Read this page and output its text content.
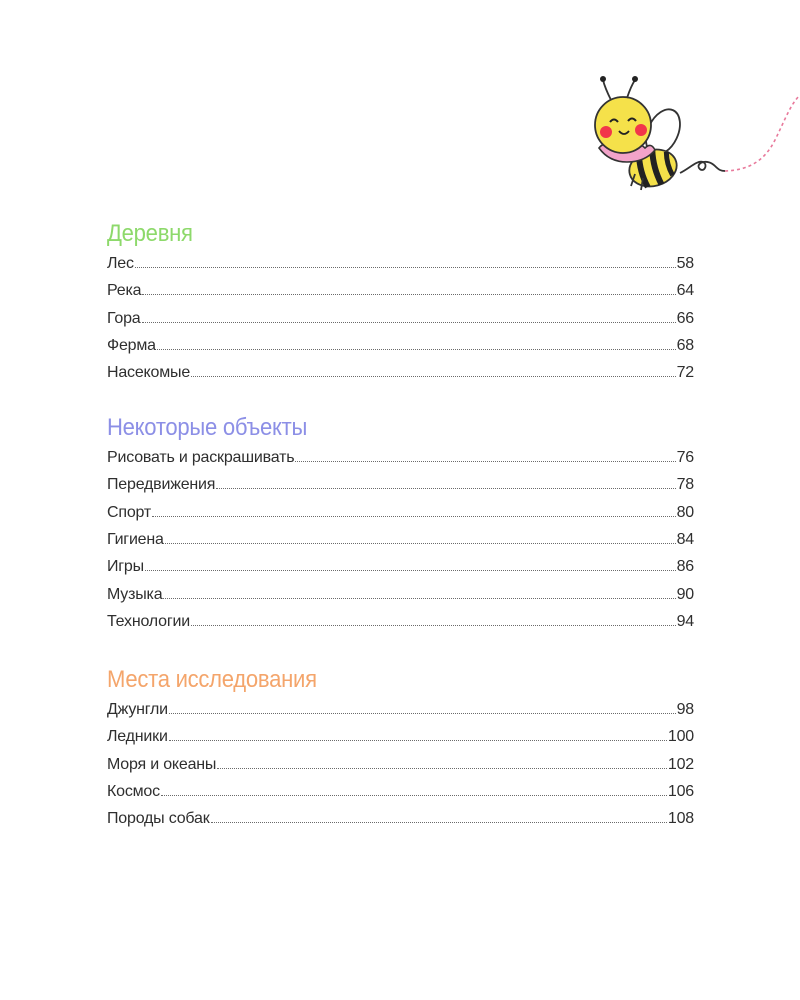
Деревня
Лес	58
Река	64
Гора	66
Ферма	68
Насекомые	72
Некоторые объекты
Рисовать и раскрашивать	76
Передвижения	78
Спорт	80
Гигиена	84
Игры	86
Музыка	90
Технологии	94
Места исследования
Джунгли	98
Ледники	100
Моря и океаны	102
Космос	106
Породы собак	108
